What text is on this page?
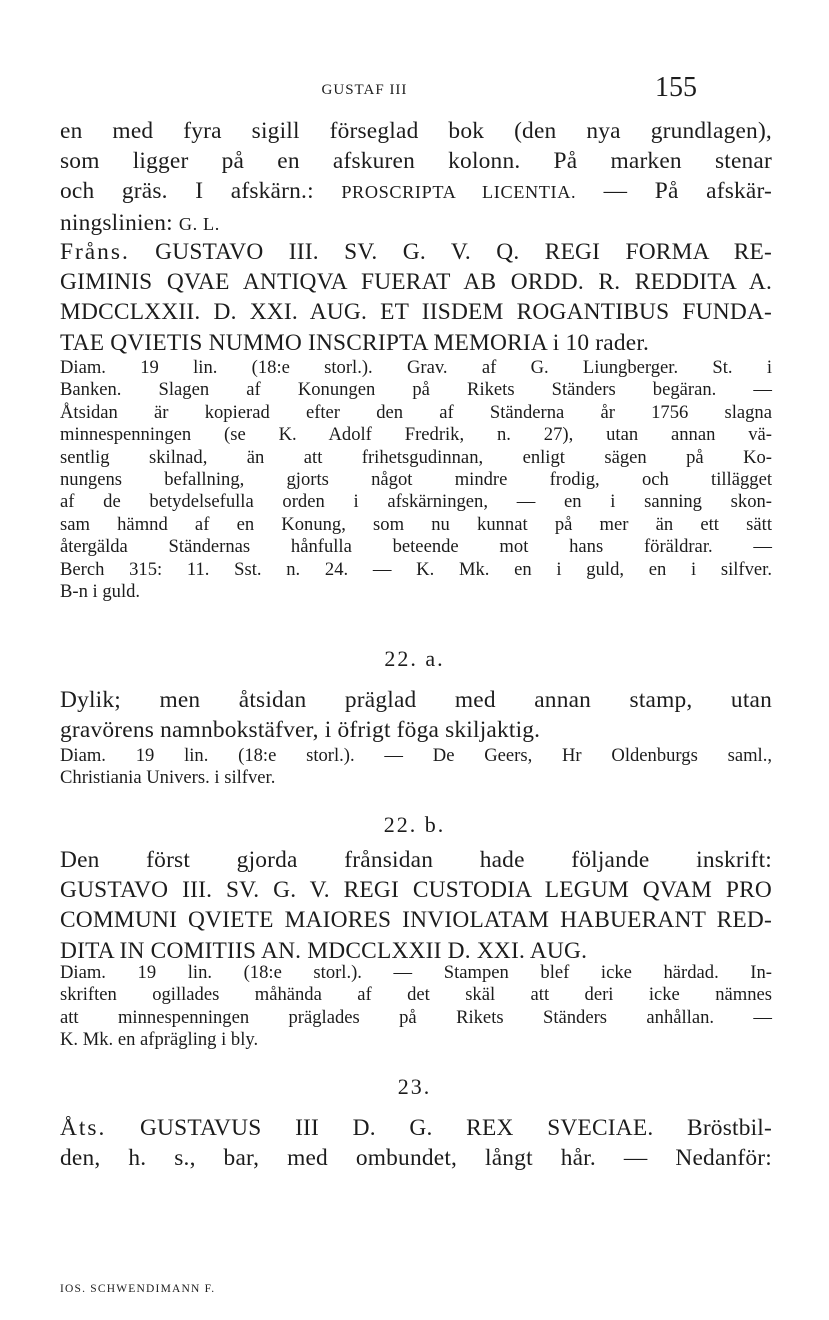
GUSTAF III	155
en med fyra sigill förseglad bok (den nya grundlagen),
som ligger på en afskuren kolonn. På marken stenar
och gräs. I afskärn.: PROSCRIPTA LICENTIA. — På afskär-
ningslinien: G. L.
Fråns. GUSTAVO III. SV. G. V. Q. REGI FORMA RE-
GIMINIS QVAE ANTIQVA FUERAT AB ORDD. R. REDDITA A.
MDCCLXXII. D. XXI. AUG. ET IISDEM ROGANTIBUS FUNDA-
TAE QVIETIS NUMMO INSCRIPTA MEMORIA i 10 rader.
Diam. 19 lin. (18:e storl.). Grav. af G. Liungberger. St. i
Banken. Slagen af Konungen på Rikets Ständers begäran. —
Åtsidan är kopierad efter den af Ständerna år 1756 slagna
minnespenningen (se K. Adolf Fredrik, n. 27), utan annan vä-
sentlig skilnad, än att frihetsgudinnan, enligt sägen på Ko-
nungens befallning, gjorts något mindre frodig, och tillägget
af de betydelsefulla orden i afskärningen, — en i sanning skon-
sam hämnd af en Konung, som nu kunnat på mer än ett sätt
återgälda Ständernas hånfulla beteende mot hans föräldrar. —
Berch 315: 11. Sst. n. 24. — K. Mk. en i guld, en i silfver.
B-n i guld.
22. a.
Dylik; men åtsidan präglad med annan stamp, utan
gravörens namnbokstäfver, i öfrigt föga skiljaktig.
Diam. 19 lin. (18:e storl.). — De Geers, Hr Oldenburgs saml.,
Christiania Univers. i silfver.
22. b.
Den först gjorda frånsidan hade följande inskrift:
GUSTAVO III. SV. G. V. REGI CUSTODIA LEGUM QVAM PRO
COMMUNI QVIETE MAIORES INVIOLATAM HABUERANT RED-
DITA IN COMITIIS AN. MDCCLXXII D. XXI. AUG.
Diam. 19 lin. (18:e storl.). — Stampen blef icke härdad. In-
skriften ogillades måhända af det skäl att deri icke nämnes
att minnespenningen präglades på Rikets Ständers anhållan. —
K. Mk. en afprägling i bly.
23.
Åts. GUSTAVUS III D. G. REX SVECIAE. Bröstbil-
den, h. s., bar, med ombundet, långt hår. — Nedanför:
IOS. SCHWENDIMANN F.
